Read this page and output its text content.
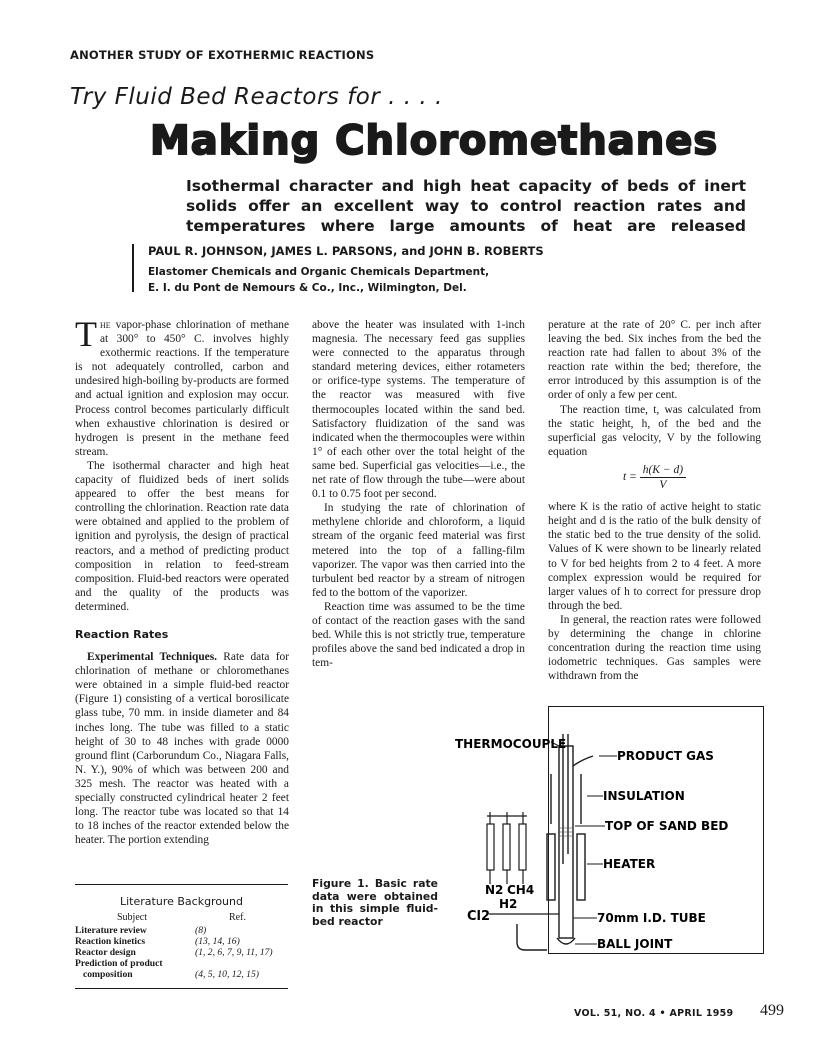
ANOTHER STUDY OF EXOTHERMIC REACTIONS
Try Fluid Bed Reactors for . . . .
Making Chloromethanes
Isothermal character and high heat capacity of beds of inert solids offer an excellent way to control reaction rates and temperatures where large amounts of heat are released
PAUL R. JOHNSON, JAMES L. PARSONS, and JOHN B. ROBERTS
Elastomer Chemicals and Organic Chemicals Department,
E. I. du Pont de Nemours & Co., Inc., Wilmington, Del.

The vapor-phase chlorination of methane at 300° to 450° C. involves highly exothermic reactions. If the temperature is not adequately controlled, carbon and undesired high-boiling by-products are formed and actual ignition and explosion may occur. Process control becomes particularly difficult when exhaustive chlorination is desired or hydrogen is present in the methane feed stream.

The isothermal character and high heat capacity of fluidized beds of inert solids appeared to offer the best means for controlling the chlorination. Reaction rate data were obtained and applied to the problem of ignition and pyrolysis, the design of practical reactors, and a method of predicting product composition in relation to feed-stream composition. Fluid-bed reactors were operated and the quality of the products was determined.

Reaction Rates

Experimental Techniques. Rate data for chlorination of methane or chloromethanes were obtained in a simple fluid-bed reactor (Figure 1) consisting of a vertical borosilicate glass tube, 70 mm. in inside diameter and 84 inches long. The tube was filled to a static height of 30 to 48 inches with grade 0000 ground flint (Carborundum Co., Niagara Falls, N. Y.), 90% of which was between 200 and 325 mesh. The reactor was heated with a specially constructed cylindrical heater 2 feet long. The reactor tube was located so that 14 to 18 inches of the reactor extended below the heater. The portion extending

above the heater was insulated with 1-inch magnesia. The necessary feed gas supplies were connected to the apparatus through standard metering devices, either rotameters or orifice-type systems. The temperature of the reactor was measured with five thermocouples located within the sand bed. Satisfactory fluidization of the sand was indicated when the thermocouples were within 1° of each other over the total height of the same bed. Superficial gas velocities—i.e., the net rate of flow through the tube—were about 0.1 to 0.75 foot per second.

In studying the rate of chlorination of methylene chloride and chloroform, a liquid stream of the organic feed material was first metered into the top of a falling-film vaporizer. The vapor was then carried into the turbulent bed reactor by a stream of nitrogen fed to the bottom of the vaporizer.

Reaction time was assumed to be the time of contact of the reaction gases with the sand bed. While this is not strictly true, temperature profiles above the sand bed indicated a drop in tem-

perature at the rate of 20° C. per inch after leaving the bed. Six inches from the bed the reaction rate had fallen to about 3% of the reaction rate within the bed; therefore, the error introduced by this assumption is of the order of only a few per cent.

The reaction time, t, was calculated from the static height, h, of the bed and the superficial gas velocity, V by the following equation

$t = \frac{h(K - d)}{V}$

where K is the ratio of active height to static height and d is the ratio of the bulk density of the static bed to the true density of the solid. Values of K were shown to be linearly related to V for bed heights from 2 to 4 feet. A more complex expression would be required for larger values of h to correct for pressure drop through the bed.

In general, the reaction rates were followed by determining the change in chlorine concentration during the reaction time using iodometric techniques. Gas samples were withdrawn from the

Literature Background
Subject	Ref.
Literature review	(8)
Reaction kinetics	(13, 14, 16)
Reactor design	(1, 2, 6, 7, 9, 11, 17)
Prediction of product
composition	(4, 5, 10, 12, 15)
Figure 1. Basic rate data were obtained in this simple fluid-bed reactor
THERMOCOUPLE
PRODUCT GAS
INSULATION
TOP OF SAND BED
HEATER
70mm I.D. TUBE
BALL JOINT
N2 CH4
H2
Cl2
VOL. 51, NO. 4 • APRIL 1959 499
